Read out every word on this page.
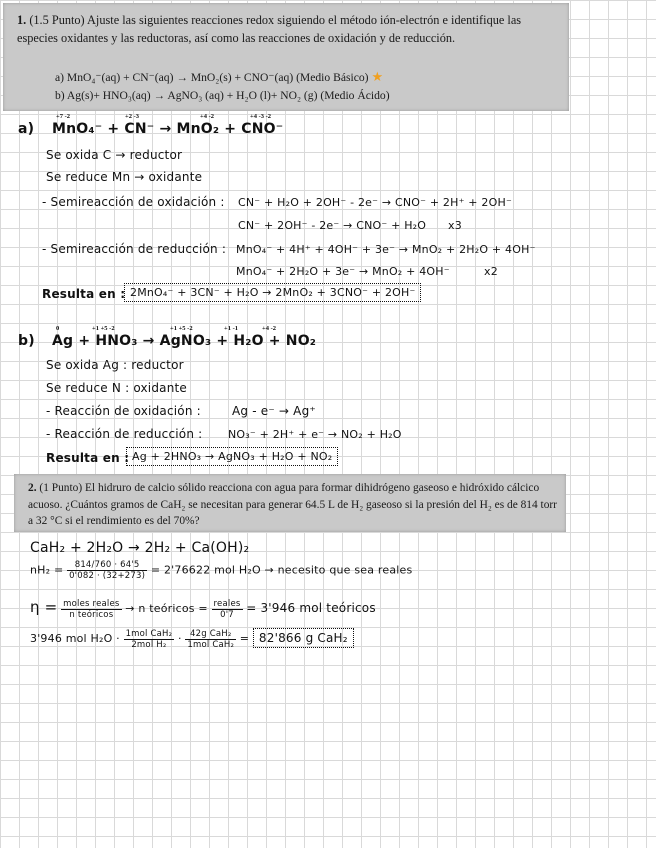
1. (1.5 Punto) Ajuste las siguientes reacciones redox siguiendo el método ión-electrón e identifique las especies oxidantes y las reductoras, así como las reacciones de oxidación y de reducción.
a) MnO₄⁻(aq) + CN⁻(aq) → MnO₂(s) + CNO⁻(aq) (Medio Básico) ★
b) Ag(s)+ HNO₃(aq) → AgNO₃ (aq) + H₂O (l)+ NO₂ (g) (Medio Ácido)
+7 -2	+2 -3	+4 -2	+4 -3 -2
a) MnO₄⁻ + CN⁻ → MnO₂ + CNO⁻
Se oxida C → reductor
Se reduce Mn → oxidante
- Semireacción de oxidación : CN⁻ + H₂O + 2OH⁻ - 2e⁻ → CNO⁻ + 2H⁺ + 2OH⁻
CN⁻ + 2OH⁻ - 2e⁻ → CNO⁻ + H₂O x3
- Semireacción de reducción : MnO₄⁻ + 4H⁺ + 4OH⁻ + 3e⁻ → MnO₂ + 2H₂O + 4OH⁻
MnO₄⁻ + 2H₂O + 3e⁻ → MnO₂ + 4OH⁻	x2
Resulta en : 2MnO₄⁻ + 3CN⁻ + H₂O → 2MnO₂ + 3CNO⁻ + 2OH⁻
0	+1 +5 -2	+1 +5 -2	+1 -1	+4 -2
b) Ag + HNO₃ → AgNO₃ + H₂O + NO₂
Se oxida Ag : reductor
Se reduce N : oxidante
- Reacción de oxidación :	Ag - e⁻ → Ag⁺
- Reacción de reducción : NO₃⁻ + 2H⁺ + e⁻ → NO₂ + H₂O
Resulta en : Ag + 2HNO₃ → AgNO₃ + H₂O + NO₂
2. (1 Punto) El hidruro de calcio sólido reacciona con agua para formar dihidrógeno gaseoso e hidróxido cálcico acuoso. ¿Cuántos gramos de CaH₂ se necesitan para generar 64.5 L de H₂ gaseoso si la presión del H₂ es de 814 torr a 32 °C si el rendimiento es del 70%?
CaH₂ + 2H₂O → 2H₂ + Ca(OH)₂
$nH_2 = \frac{814/760 \cdot 64'5}{0'082 \cdot (32+273)} = 2'76622$ mol H₂O → necesito que sea reales
$\eta = \frac{\text{moles reales}}{\text{n teóricos}} \to n$ teóricos = $\frac{\text{reales}}{0'7} = 3'946$ mol teóricos
3'946 mol $H_2O \cdot \frac{\text{1mol CaH₂}}{\text{2mol H₂}} \cdot \frac{\text{42g CaH₂}}{\text{1mol CaH₂}} = 82'866$ g CaH₂
